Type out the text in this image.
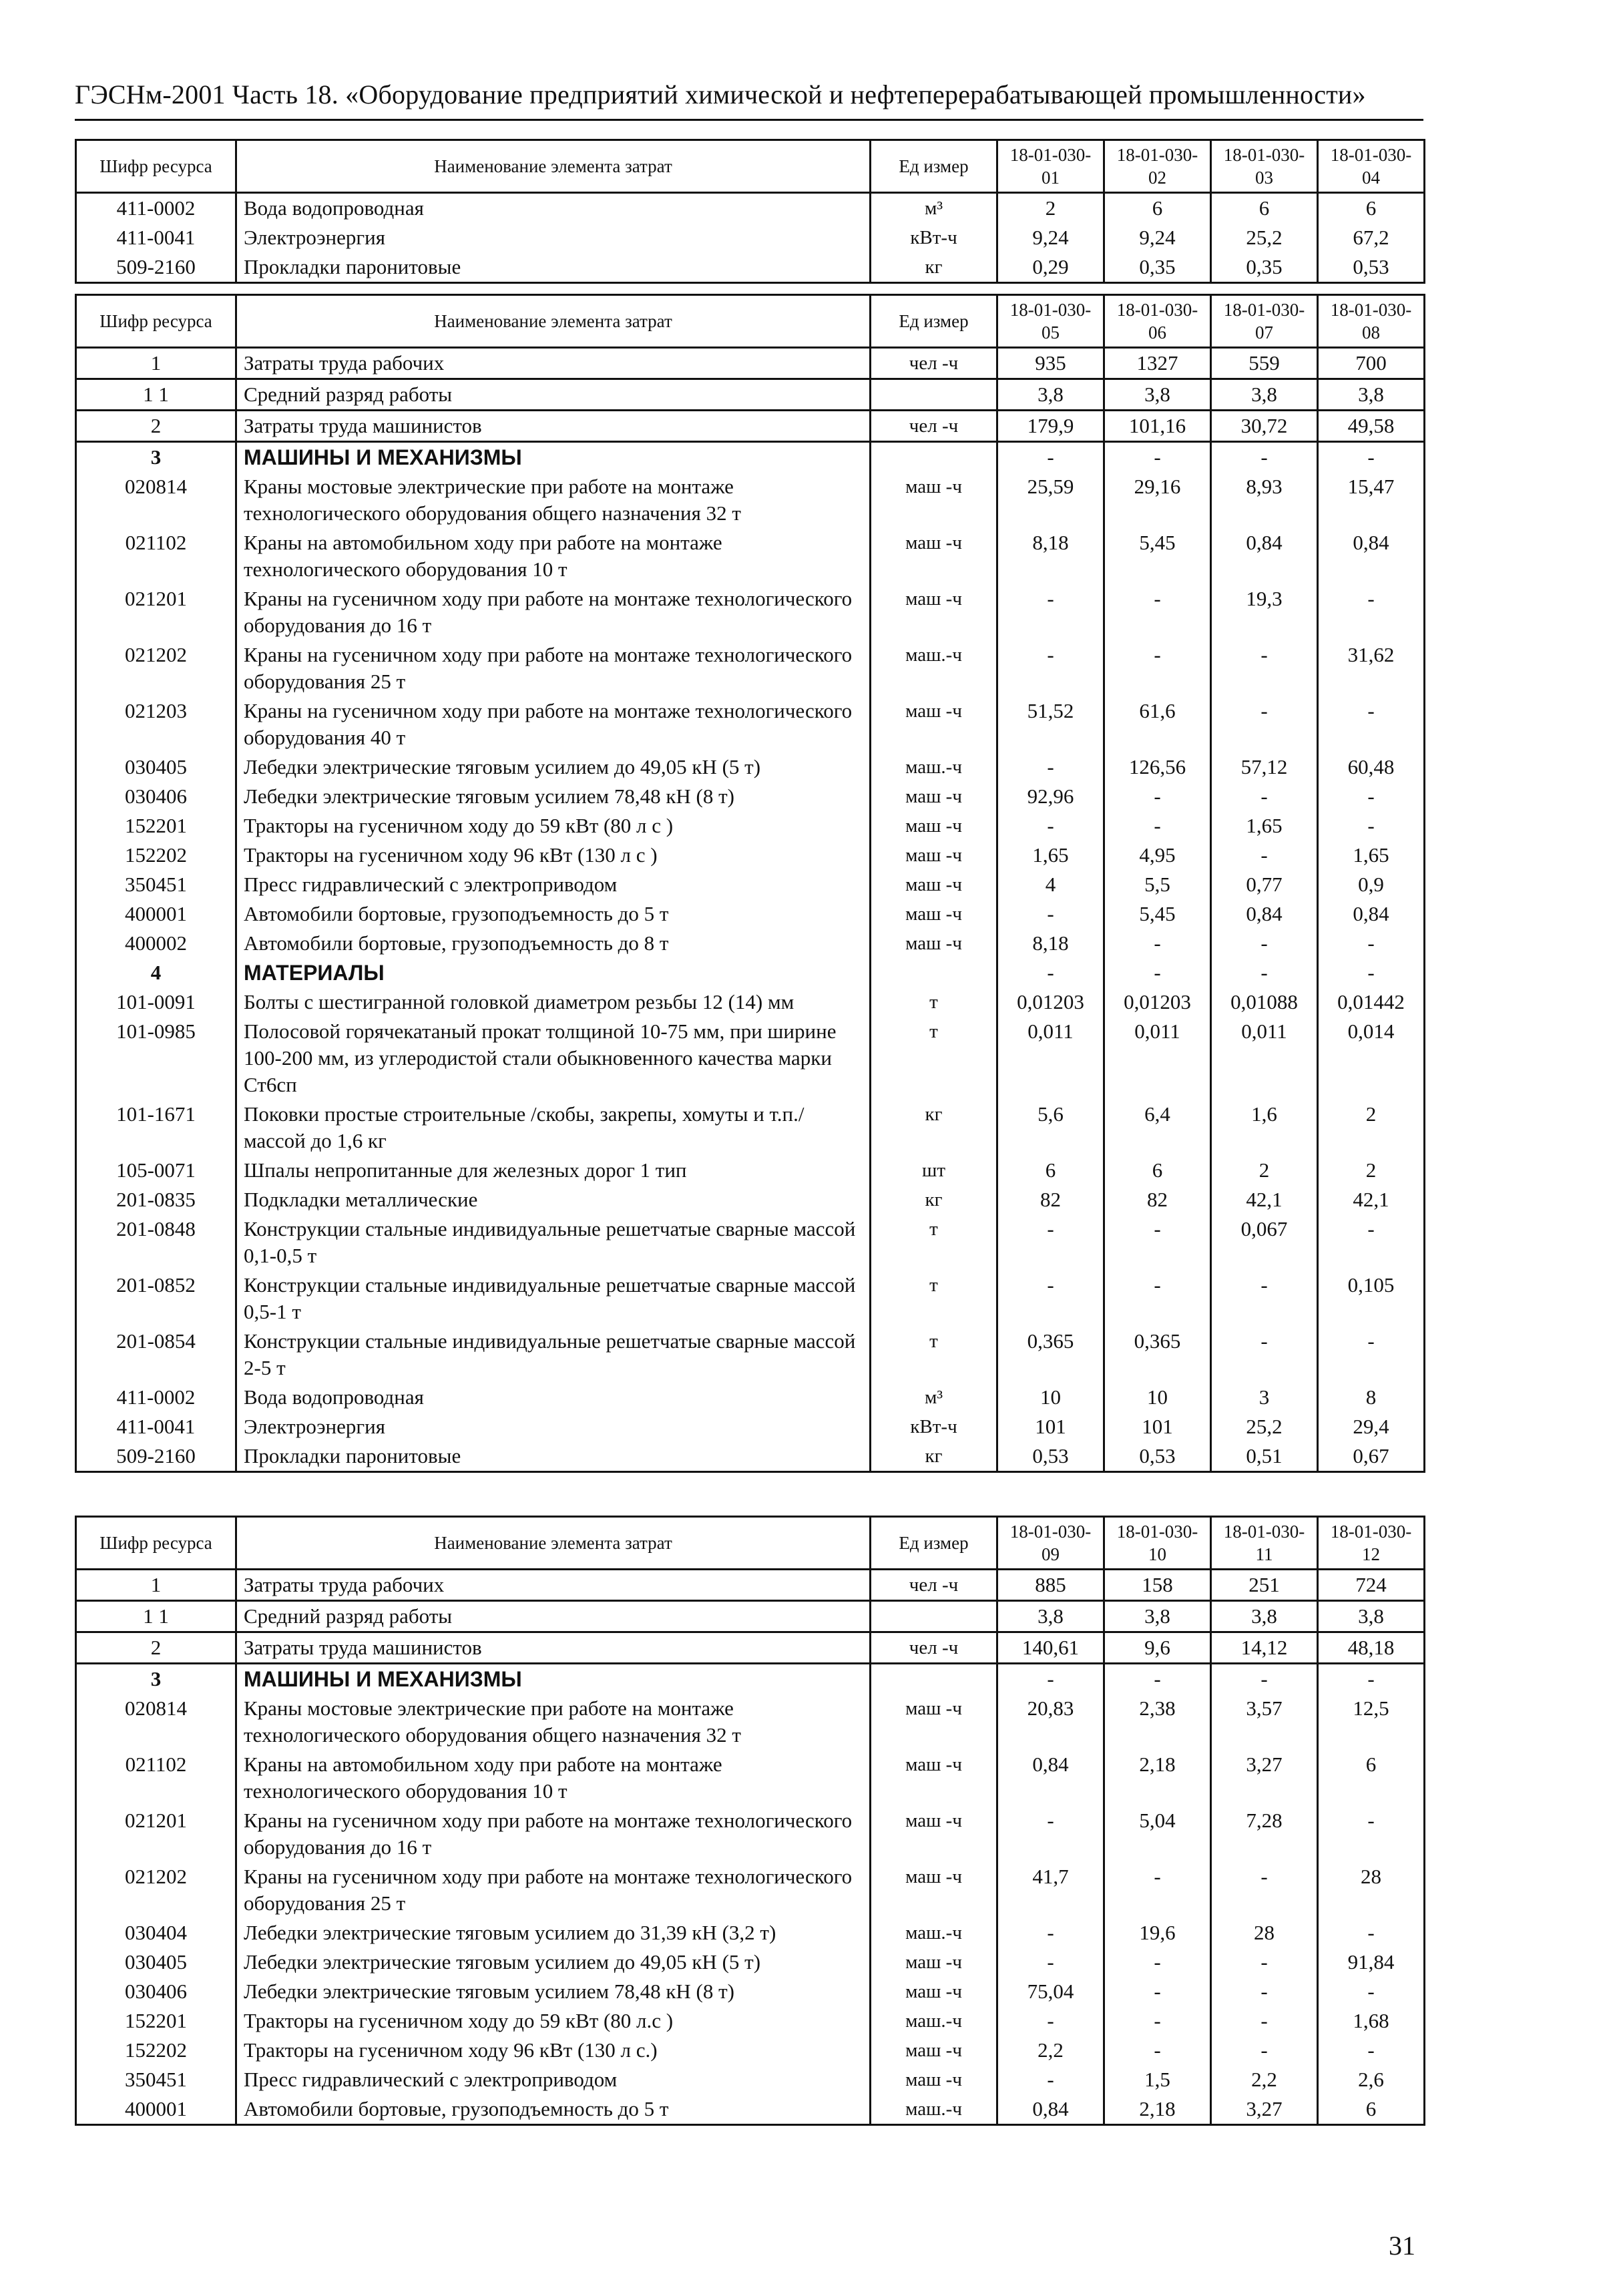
ГЭСНм-2001 Часть 18. «Оборудование предприятий химической и нефтеперерабатывающей промышленности»
Шифр ресурса	Наименование элемента затрат	Ед измер	18-01-030-01	18-01-030-02	18-01-030-03	18-01-030-04
411-0002	Вода водопроводная	м³	2	6	6	6
411-0041	Электроэнергия	кВт-ч	9,24	9,24	25,2	67,2
509-2160	Прокладки паронитовые	кг	0,29	0,35	0,35	0,53
Шифр ресурса	Наименование элемента затрат	Ед измер	18-01-030-05	18-01-030-06	18-01-030-07	18-01-030-08
1	Затраты труда рабочих	чел -ч	935	1327	559	700
1 1	Средний разряд работы		3,8	3,8	3,8	3,8
2	Затраты труда машинистов	чел -ч	179,9	101,16	30,72	49,58
3	МАШИНЫ И МЕХАНИЗМЫ		-	-	-	-
020814	Краны мостовые электрические при работе на монтаже технологического оборудования общего назначения 32 т	маш -ч	25,59	29,16	8,93	15,47
021102	Краны на автомобильном ходу при работе на монтаже технологического оборудования 10 т	маш -ч	8,18	5,45	0,84	0,84
021201	Краны на гусеничном ходу при работе на монтаже технологического оборудования до 16 т	маш -ч	-	-	19,3	-
021202	Краны на гусеничном ходу при работе на монтаже технологического оборудования 25 т	маш.-ч	-	-	-	31,62
021203	Краны на гусеничном ходу при работе на монтаже технологического оборудования 40 т	маш -ч	51,52	61,6	-	-
030405	Лебедки электрические тяговым усилием до 49,05 кН (5 т)	маш.-ч	-	126,56	57,12	60,48
030406	Лебедки электрические тяговым усилием 78,48 кН (8 т)	маш -ч	92,96	-	-	-
152201	Тракторы на гусеничном ходу до 59 кВт (80 л с )	маш -ч	-	-	1,65	-
152202	Тракторы на гусеничном ходу 96 кВт (130 л с )	маш -ч	1,65	4,95	-	1,65
350451	Пресс гидравлический с электроприводом	маш -ч	4	5,5	0,77	0,9
400001	Автомобили бортовые, грузоподъемность до 5 т	маш -ч	-	5,45	0,84	0,84
400002	Автомобили бортовые, грузоподъемность до 8 т	маш -ч	8,18	-	-	-
4	МАТЕРИАЛЫ		-	-	-	-
101-0091	Болты с шестигранной головкой диаметром резьбы 12 (14) мм	т	0,01203	0,01203	0,01088	0,01442
101-0985	Полосовой горячекатаный прокат толщиной 10-75 мм, при ширине 100-200 мм, из углеродистой стали обыкновенного качества марки Ст6сп	т	0,011	0,011	0,011	0,014
101-1671	Поковки простые строительные /скобы, закрепы, хомуты и т.п./ массой до 1,6 кг	кг	5,6	6,4	1,6	2
105-0071	Шпалы непропитанные для железных дорог 1 тип	шт	6	6	2	2
201-0835	Подкладки металлические	кг	82	82	42,1	42,1
201-0848	Конструкции стальные индивидуальные решетчатые сварные массой 0,1-0,5 т	т	-	-	0,067	-
201-0852	Конструкции стальные индивидуальные решетчатые сварные массой 0,5-1 т	т	-	-	-	0,105
201-0854	Конструкции стальные индивидуальные решетчатые сварные массой 2-5 т	т	0,365	0,365	-	-
411-0002	Вода водопроводная	м³	10	10	3	8
411-0041	Электроэнергия	кВт-ч	101	101	25,2	29,4
509-2160	Прокладки паронитовые	кг	0,53	0,53	0,51	0,67
Шифр ресурса	Наименование элемента затрат	Ед измер	18-01-030-09	18-01-030-10	18-01-030-11	18-01-030-12
1	Затраты труда рабочих	чел -ч	885	158	251	724
1 1	Средний разряд работы		3,8	3,8	3,8	3,8
2	Затраты труда машинистов	чел -ч	140,61	9,6	14,12	48,18
3	МАШИНЫ И МЕХАНИЗМЫ		-	-	-	-
020814	Краны мостовые электрические при работе на монтаже технологического оборудования общего назначения 32 т	маш -ч	20,83	2,38	3,57	12,5
021102	Краны на автомобильном ходу при работе на монтаже технологического оборудования 10 т	маш -ч	0,84	2,18	3,27	6
021201	Краны на гусеничном ходу при работе на монтаже технологического оборудования до 16 т	маш -ч	-	5,04	7,28	-
021202	Краны на гусеничном ходу при работе на монтаже технологического оборудования 25 т	маш -ч	41,7	-	-	28
030404	Лебедки электрические тяговым усилием до 31,39 кН (3,2 т)	маш.-ч	-	19,6	28	-
030405	Лебедки электрические тяговым усилием до 49,05 кН (5 т)	маш -ч	-	-	-	91,84
030406	Лебедки электрические тяговым усилием 78,48 кН (8 т)	маш -ч	75,04	-	-	-
152201	Тракторы на гусеничном ходу до 59 кВт (80 л.с )	маш.-ч	-	-	-	1,68
152202	Тракторы на гусеничном ходу 96 кВт (130 л с.)	маш -ч	2,2	-	-	-
350451	Пресс гидравлический с электроприводом	маш -ч	-	1,5	2,2	2,6
400001	Автомобили бортовые, грузоподъемность до 5 т	маш.-ч	0,84	2,18	3,27	6
31
